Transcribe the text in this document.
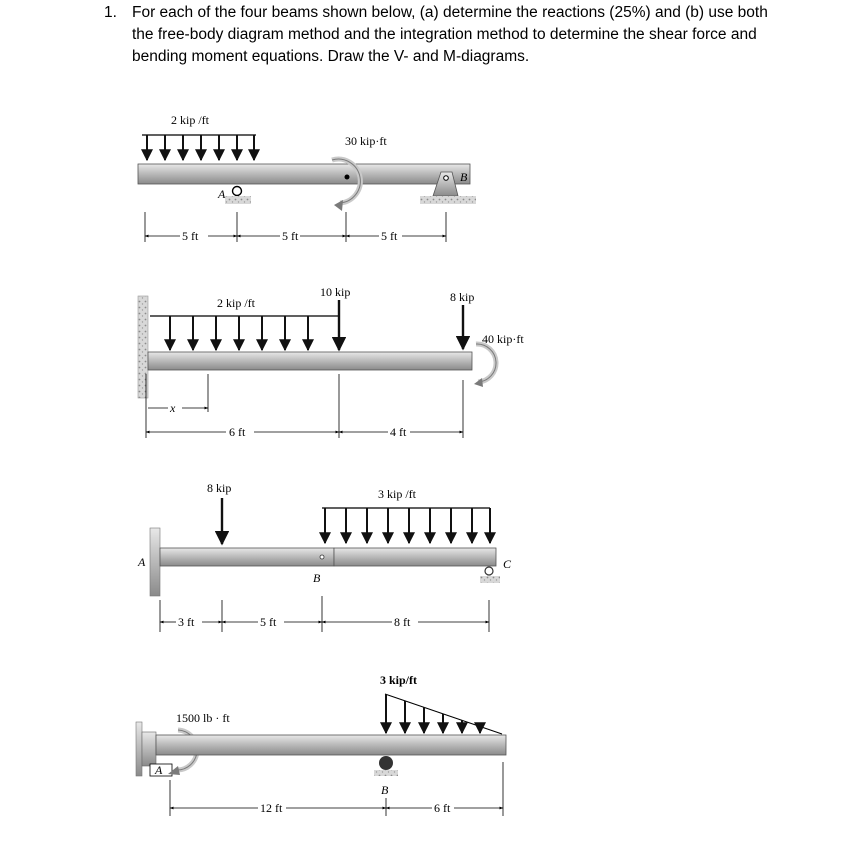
1. For each of the four beams shown below, (a) determine the reactions (25%) and (b) use both
the free-body diagram method and the integration method to determine the shear force and
bending moment equations. Draw the V- and M-diagrams.
2 kip /ft
A
30 kip·ft
B
5 ft	5 ft	5 ft
2 kip /ft
10 kip	8 kip
40 kip·ft
x
6 ft	4 ft
A
8 kip
B
3 kip /ft
C
3 ft	5 ft	8 ft
1500 lb · ft
A
3 kip/ft
B
12 ft	6 ft
